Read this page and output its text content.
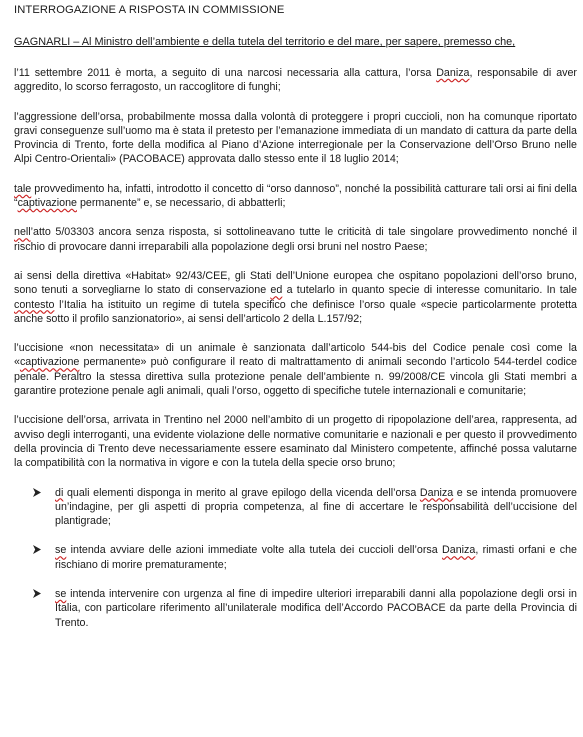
INTERROGAZIONE A RISPOSTA IN COMMISSIONE
GAGNARLI – Al Ministro dell’ambiente e della tutela del territorio e del mare, per sapere, premesso che,

l’11 settembre 2011 è morta, a seguito di una narcosi necessaria alla cattura, l’orsa Daniza, responsabile di aver aggredito, lo scorso ferragosto, un raccoglitore di funghi;

l’aggressione dell’orsa, probabilmente mossa dalla volontà di proteggere i propri cuccioli, non ha comunque riportato gravi conseguenze sull’uomo ma è stata il pretesto per l’emanazione immediata di un mandato di cattura da parte della Provincia di Trento, forte della modifica al Piano d’Azione interregionale per la Conservazione dell’Orso Bruno nelle Alpi Centro-Orientali» (PACOBACE) approvata dallo stesso ente il 18 luglio 2014;

tale provvedimento ha, infatti, introdotto il concetto di “orso dannoso”, nonché la possibilità catturare tali orsi ai fini della “captivazione permanente” e, se necessario, di abbatterli;

nell’atto 5/03303 ancora senza risposta, si sottolineavano tutte le criticità di tale singolare provvedimento nonché il rischio di provocare danni irreparabili alla popolazione degli orsi bruni nel nostro Paese;

ai sensi della direttiva «Habitat» 92/43/CEE, gli Stati dell’Unione europea che ospitano popolazioni dell’orso bruno, sono tenuti a sorvegliarne lo stato di conservazione ed a tutelarlo in quanto specie di interesse comunitario. In tale contesto l’Italia ha istituito un regime di tutela specifico che definisce l’orso quale «specie particolarmente protetta anche sotto il profilo sanzionatorio», ai sensi dell’articolo 2 della L.157/92;

l’uccisione «non necessitata» di un animale è sanzionata dall’articolo 544-bis del Codice penale così come la «captivazione permanente» può configurare il reato di maltrattamento di animali secondo l’articolo 544-terdel codice penale. Peraltro la stessa direttiva sulla protezione penale dell’ambiente n. 99/2008/CE vincola gli Stati membri a garantire protezione penale agli animali, quali l’orso, oggetto di specifiche tutele internazionali e comunitarie;

l’uccisione dell’orsa, arrivata in Trentino nel 2000 nell’ambito di un progetto di ripopolazione dell’area, rappresenta, ad avviso degli interroganti, una evidente violazione delle normative comunitarie e nazionali e per questo il provvedimento della provincia di Trento deve necessariamente essere esaminato dal Ministero competente, affinché possa valutarne la compatibilità con la normativa in vigore e con la tutela della specie orso bruno;

di quali elementi disponga in merito al grave epilogo della vicenda dell’orsa Daniza e se intenda promuovere un’indagine, per gli aspetti di propria competenza, al fine di accertare le responsabilità dell’uccisione del plantigrade;
se intenda avviare delle azioni immediate volte alla tutela dei cuccioli dell’orsa Daniza, rimasti orfani e che rischiano di morire prematuramente;
se intenda intervenire con urgenza al fine di impedire ulteriori irreparabili danni alla popolazione degli orsi in Italia, con particolare riferimento all’unilaterale modifica dell’Accordo PACOBACE da parte della Provincia di Trento.
